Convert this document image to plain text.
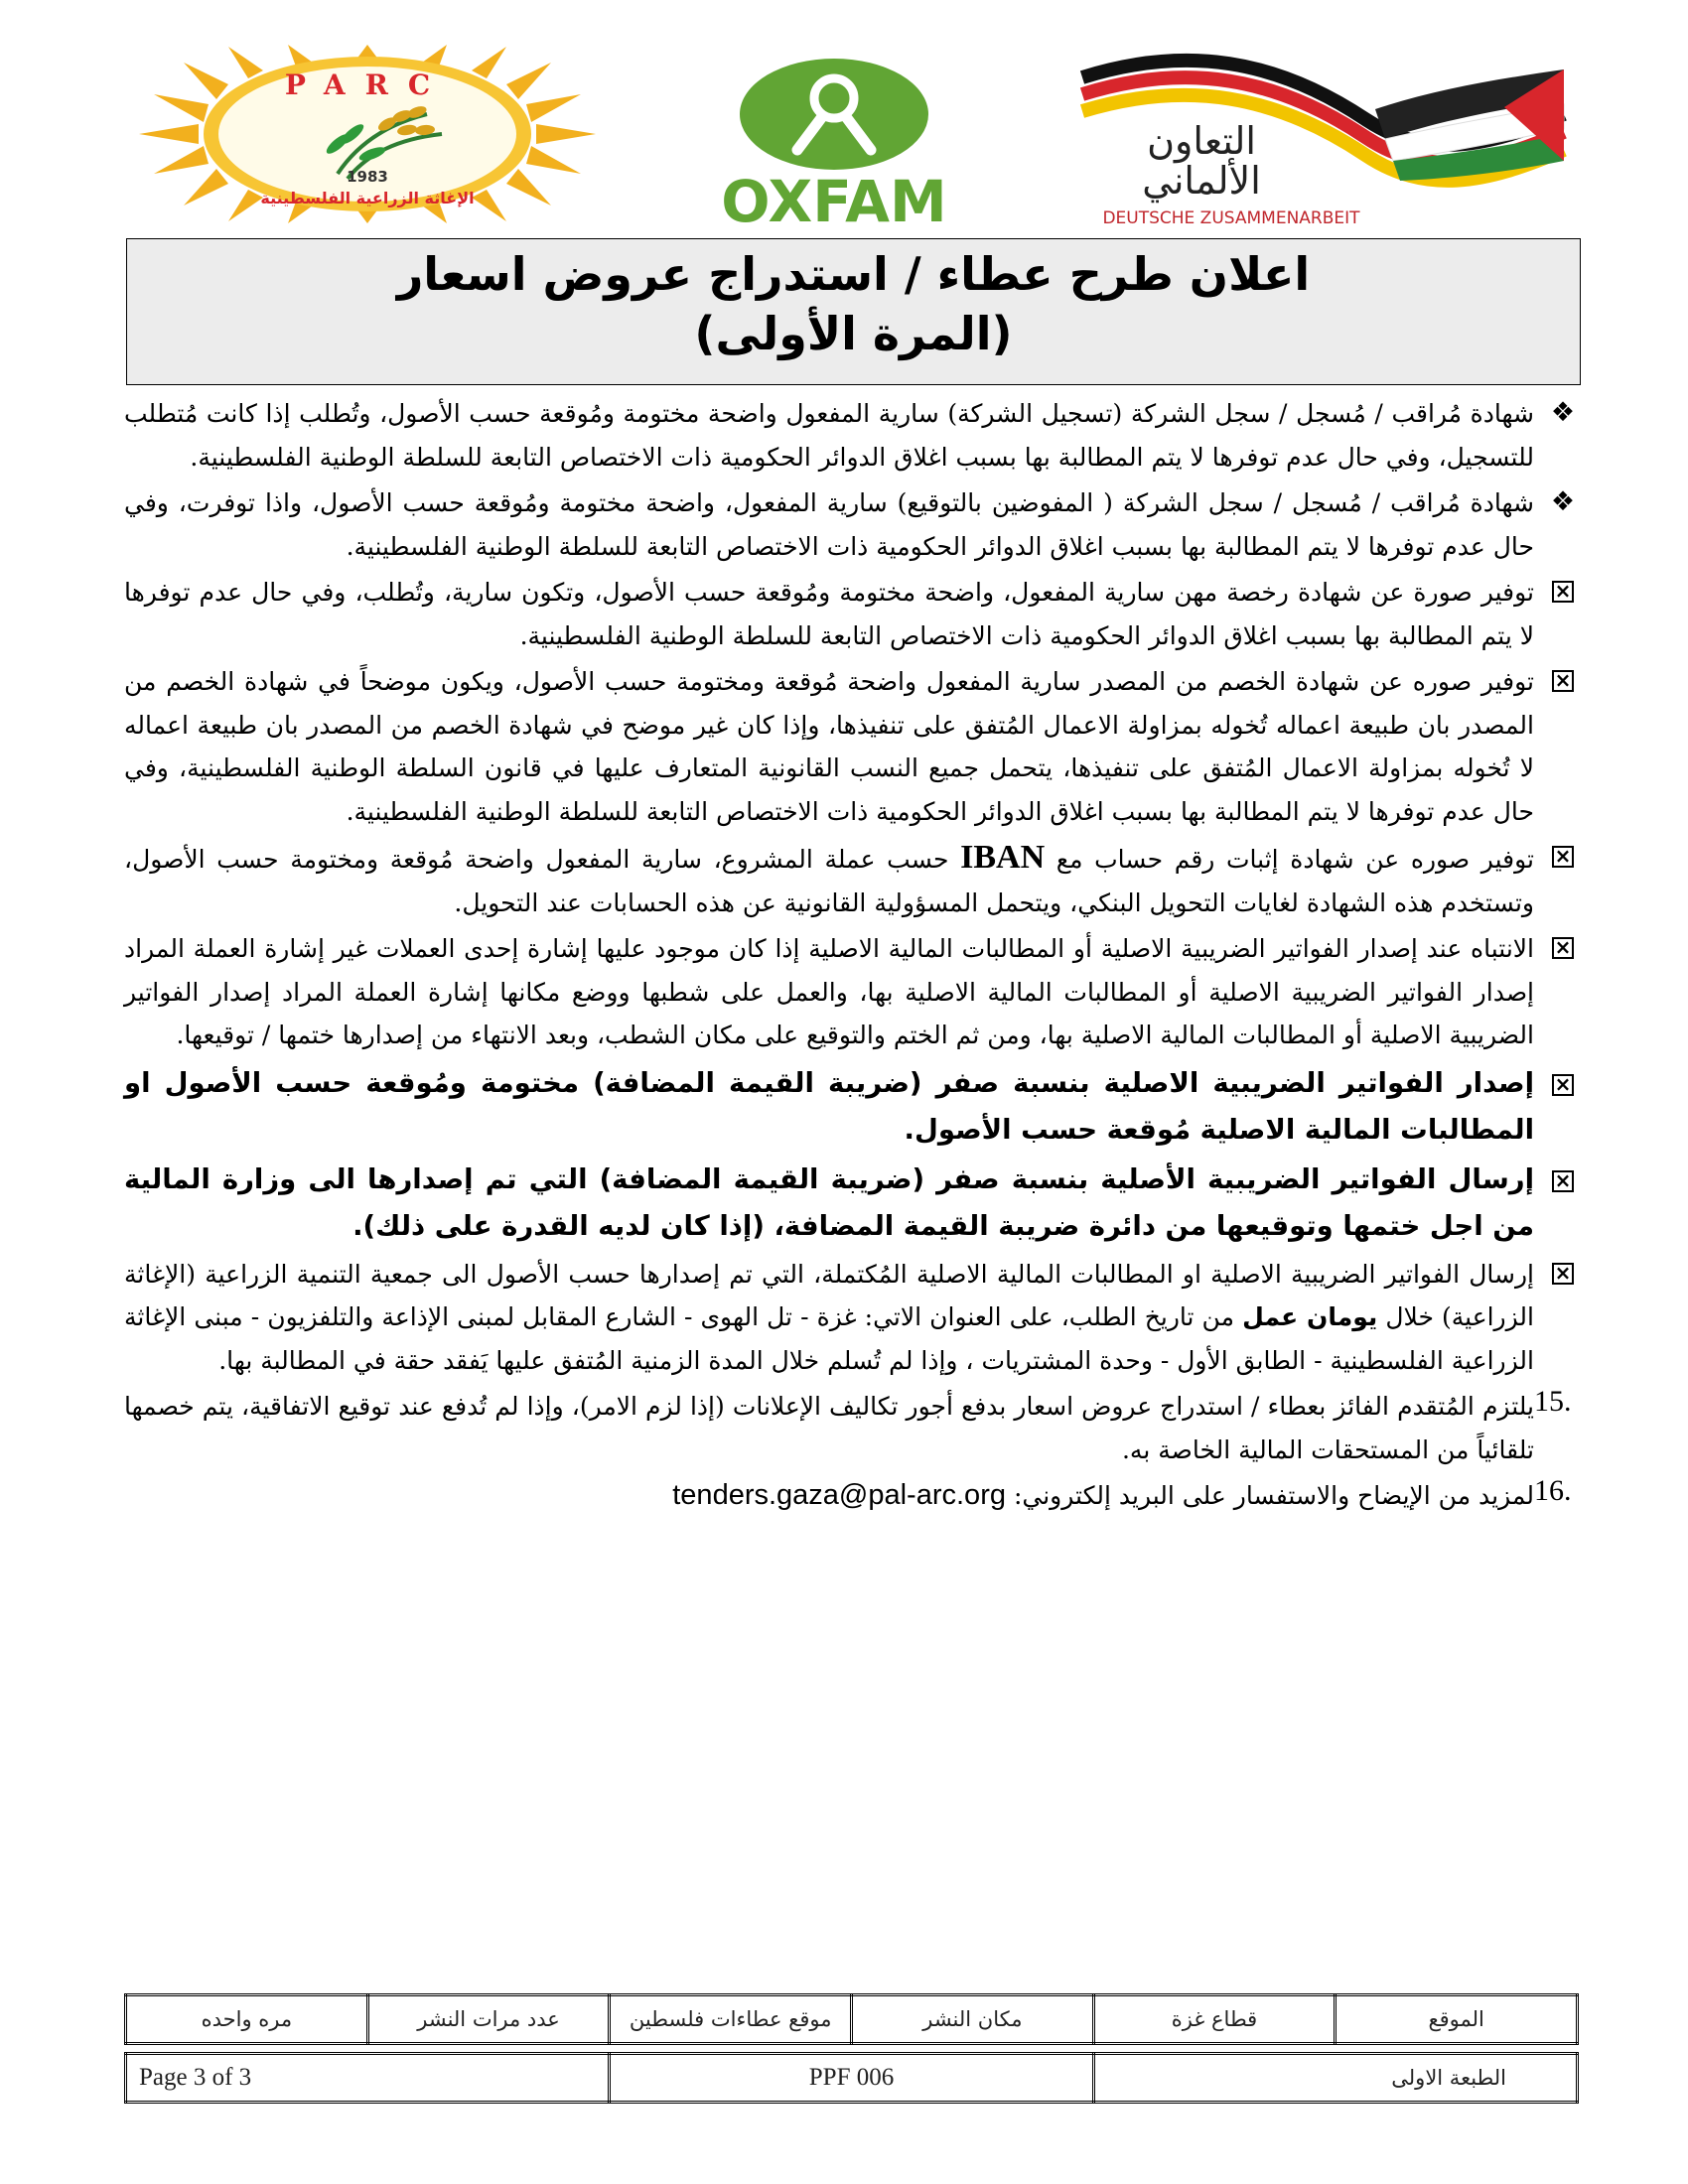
PARC
1983
الإغاثة الزراعية الفلسطينية	OXFAM
التعاون
الألماني
DEUTSCHE ZUSAMMENARBEIT
اعلان طرح عطاء / استدراج عروض اسعار
(المرة الأولى)
❖

شهادة مُراقب / مُسجل / سجل الشركة (تسجيل الشركة) سارية المفعول واضحة مختومة ومُوقعة حسب الأصول، وتُطلب إذا كانت مُتطلب للتسجيل، وفي حال عدم توفرها لا يتم المطالبة بها بسبب اغلاق الدوائر الحكومية ذات الاختصاص التابعة للسلطة الوطنية الفلسطينية.

❖

شهادة مُراقب / مُسجل / سجل الشركة ( المفوضين بالتوقيع) سارية المفعول، واضحة مختومة ومُوقعة حسب الأصول، واذا توفرت، وفي حال عدم توفرها لا يتم المطالبة بها بسبب اغلاق الدوائر الحكومية ذات الاختصاص التابعة للسلطة الوطنية الفلسطينية.

×

توفير صورة عن شهادة رخصة مهن سارية المفعول، واضحة مختومة ومُوقعة حسب الأصول، وتكون سارية، وتُطلب، وفي حال عدم توفرها لا يتم المطالبة بها بسبب اغلاق الدوائر الحكومية ذات الاختصاص التابعة للسلطة الوطنية الفلسطينية.

×

توفير صوره عن شهادة الخصم من المصدر سارية المفعول واضحة مُوقعة ومختومة حسب الأصول، ويكون موضحاً في شهادة الخصم من المصدر بان طبيعة اعماله تُخوله بمزاولة الاعمال المُتفق على تنفيذها، وإذا كان غير موضح في شهادة الخصم من المصدر بان طبيعة اعماله لا تُخوله بمزاولة الاعمال المُتفق على تنفيذها، يتحمل جميع النسب القانونية المتعارف عليها في قانون السلطة الوطنية الفلسطينية، وفي حال عدم توفرها لا يتم المطالبة بها بسبب اغلاق الدوائر الحكومية ذات الاختصاص التابعة للسلطة الوطنية الفلسطينية.

×

توفير صوره عن شهادة إثبات رقم حساب مع IBAN حسب عملة المشروع، سارية المفعول واضحة مُوقعة ومختومة حسب الأصول، وتستخدم هذه الشهادة لغايات التحويل البنكي، ويتحمل المسؤولية القانونية عن هذه الحسابات عند التحويل.

×

الانتباه عند إصدار الفواتير الضريبية الاصلية أو المطالبات المالية الاصلية إذا كان موجود عليها إشارة إحدى العملات غير إشارة العملة المراد إصدار الفواتير الضريبية الاصلية أو المطالبات المالية الاصلية بها، والعمل على شطبها ووضع مكانها إشارة العملة المراد إصدار الفواتير الضريبية الاصلية أو المطالبات المالية الاصلية بها، ومن ثم الختم والتوقيع على مكان الشطب، وبعد الانتهاء من إصدارها ختمها / توقيعها.

×

إصدار الفواتير الضريبية الاصلية بنسبة صفر (ضريبة القيمة المضافة) مختومة ومُوقعة حسب الأصول او المطالبات المالية الاصلية مُوقعة حسب الأصول.

×

إرسال الفواتير الضريبية الأصلية بنسبة صفر (ضريبة القيمة المضافة) التي تم إصدارها الى وزارة المالية من اجل ختمها وتوقيعها من دائرة ضريبة القيمة المضافة، (إذا كان لديه القدرة على ذلك).

×

إرسال الفواتير الضريبية الاصلية او المطالبات المالية الاصلية المُكتملة، التي تم إصدارها حسب الأصول الى جمعية التنمية الزراعية (الإغاثة الزراعية) خلال يومان عمل من تاريخ الطلب، على العنوان الاتي: غزة - تل الهوى - الشارع المقابل لمبنى الإذاعة والتلفزيون - مبنى الإغاثة الزراعية الفلسطينية - الطابق الأول - وحدة المشتريات ، وإذا لم تُسلم خلال المدة الزمنية المُتفق عليها يَفقد حقة في المطالبة بها.

15.

يلتزم المُتقدم الفائز بعطاء / استدراج عروض اسعار بدفع أجور تكاليف الإعلانات (إذا لزم الامر)، وإذا لم تُدفع عند توقيع الاتفاقية، يتم خصمها تلقائياً من المستحقات المالية الخاصة به.

16.

لمزيد من الإيضاح والاستفسار على البريد إلكتروني: tenders.gaza@pal-arc.org

الموقع	قطاع غزة	مكان النشر	موقع عطاءات فلسطين	عدد مرات النشر	مره واحده
الطبعة الاولى	PPF 006	Page 3 of 3
